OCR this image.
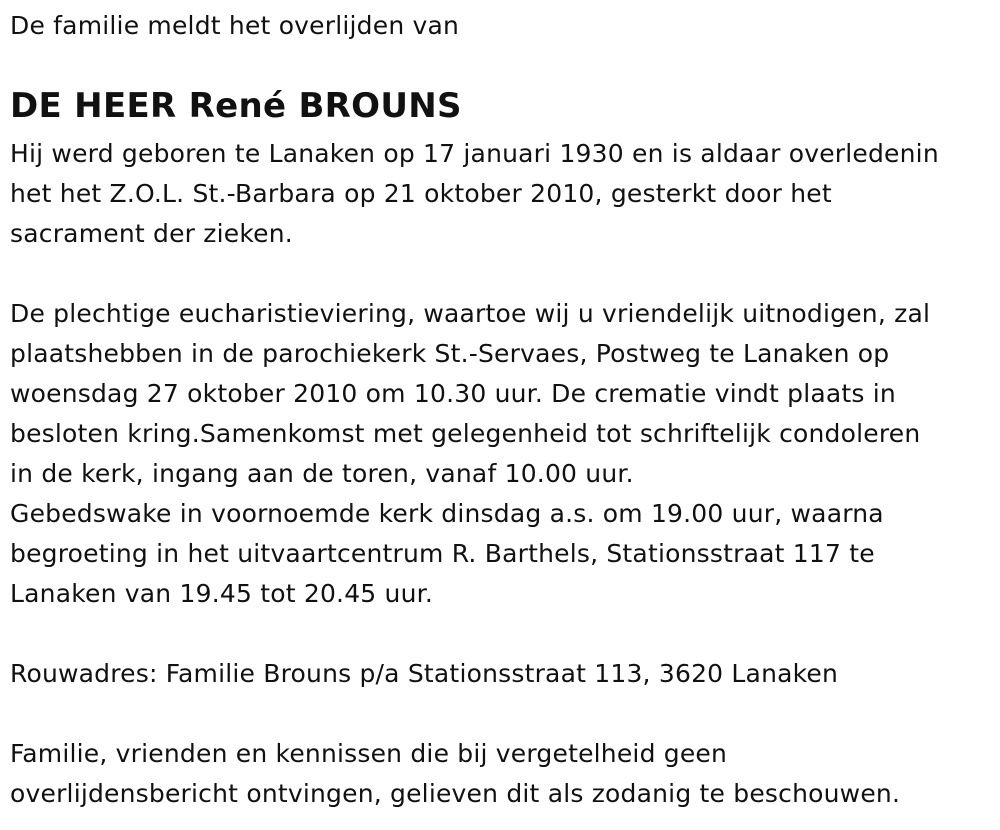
De familie meldt het overlijden van
DE HEER René BROUNS
Hij werd geboren te Lanaken op 17 januari 1930 en is aldaar overledenin
het het Z.O.L. St.-Barbara op 21 oktober 2010, gesterkt door het
sacrament der zieken.
De plechtige eucharistieviering, waartoe wij u vriendelijk uitnodigen, zal
plaatshebben in de parochiekerk St.-Servaes, Postweg te Lanaken op
woensdag 27 oktober 2010 om 10.30 uur. De crematie vindt plaats in
besloten kring.Samenkomst met gelegenheid tot schriftelijk condoleren
in de kerk, ingang aan de toren, vanaf 10.00 uur.
Gebedswake in voornoemde kerk dinsdag a.s. om 19.00 uur, waarna
begroeting in het uitvaartcentrum R. Barthels, Stationsstraat 117 te
Lanaken van 19.45 tot 20.45 uur.
Rouwadres: Familie Brouns p/a Stationsstraat 113, 3620 Lanaken
Familie, vrienden en kennissen die bij vergetelheid geen
overlijdensbericht ontvingen, gelieven dit als zodanig te beschouwen.
